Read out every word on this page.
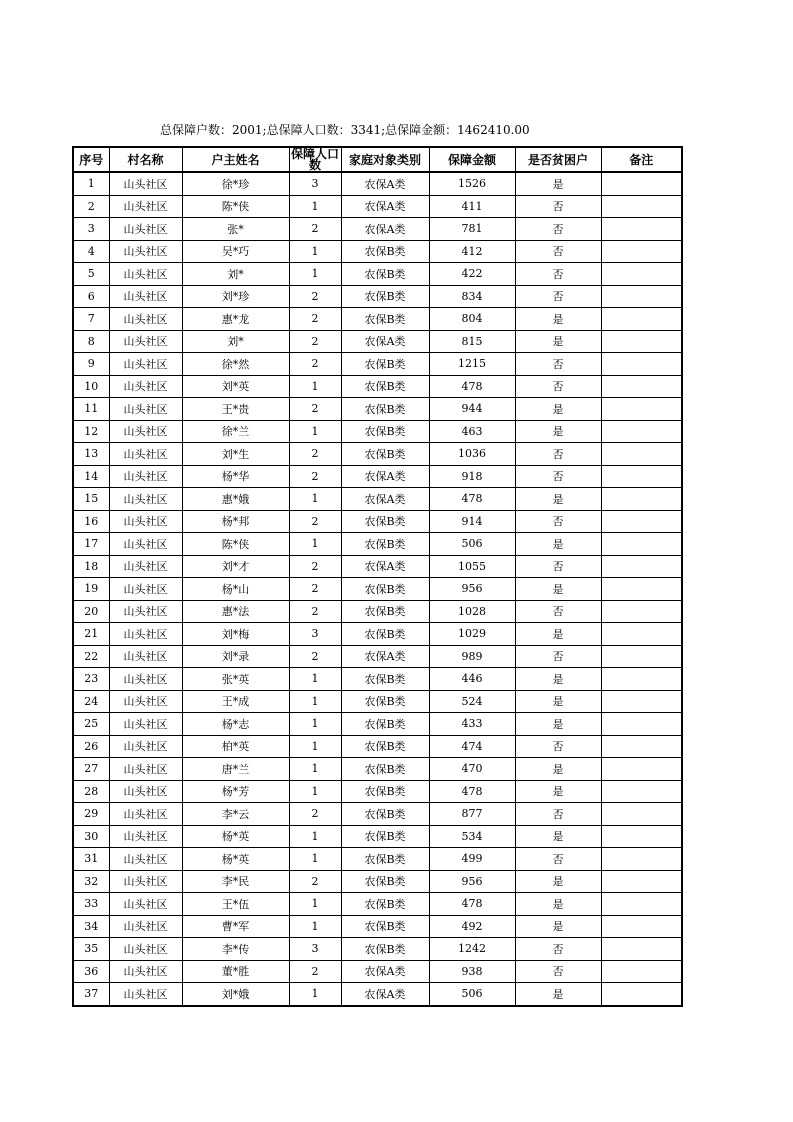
总保障户数：2001;总保障人口数：3341;总保障金额：1462410.00
序号	村名称	户主姓名	保障人口数	家庭对象类别	保障金额	是否贫困户	备注
1	山头社区	徐*珍	3	农保A类	1526	是	
2	山头社区	陈*侠	1	农保A类	411	否	
3	山头社区	张*	2	农保A类	781	否	
4	山头社区	吴*巧	1	农保B类	412	否	
5	山头社区	刘*	1	农保B类	422	否	
6	山头社区	刘*珍	2	农保B类	834	否	
7	山头社区	惠*龙	2	农保B类	804	是	
8	山头社区	刘*	2	农保A类	815	是	
9	山头社区	徐*然	2	农保B类	1215	否	
10	山头社区	刘*英	1	农保B类	478	否	
11	山头社区	王*贵	2	农保B类	944	是	
12	山头社区	徐*兰	1	农保B类	463	是	
13	山头社区	刘*生	2	农保B类	1036	否	
14	山头社区	杨*华	2	农保A类	918	否	
15	山头社区	惠*娥	1	农保A类	478	是	
16	山头社区	杨*邦	2	农保B类	914	否	
17	山头社区	陈*侠	1	农保B类	506	是	
18	山头社区	刘*才	2	农保A类	1055	否	
19	山头社区	杨*山	2	农保B类	956	是	
20	山头社区	惠*法	2	农保B类	1028	否	
21	山头社区	刘*梅	3	农保B类	1029	是	
22	山头社区	刘*录	2	农保A类	989	否	
23	山头社区	张*英	1	农保B类	446	是	
24	山头社区	王*成	1	农保B类	524	是	
25	山头社区	杨*志	1	农保B类	433	是	
26	山头社区	柏*英	1	农保B类	474	否	
27	山头社区	唐*兰	1	农保B类	470	是	
28	山头社区	杨*芳	1	农保B类	478	是	
29	山头社区	李*云	2	农保B类	877	否	
30	山头社区	杨*英	1	农保B类	534	是	
31	山头社区	杨*英	1	农保B类	499	否	
32	山头社区	李*民	2	农保B类	956	是	
33	山头社区	王*伍	1	农保B类	478	是	
34	山头社区	曹*军	1	农保B类	492	是	
35	山头社区	李*传	3	农保B类	1242	否	
36	山头社区	董*胜	2	农保A类	938	否	
37	山头社区	刘*娥	1	农保A类	506	是	
